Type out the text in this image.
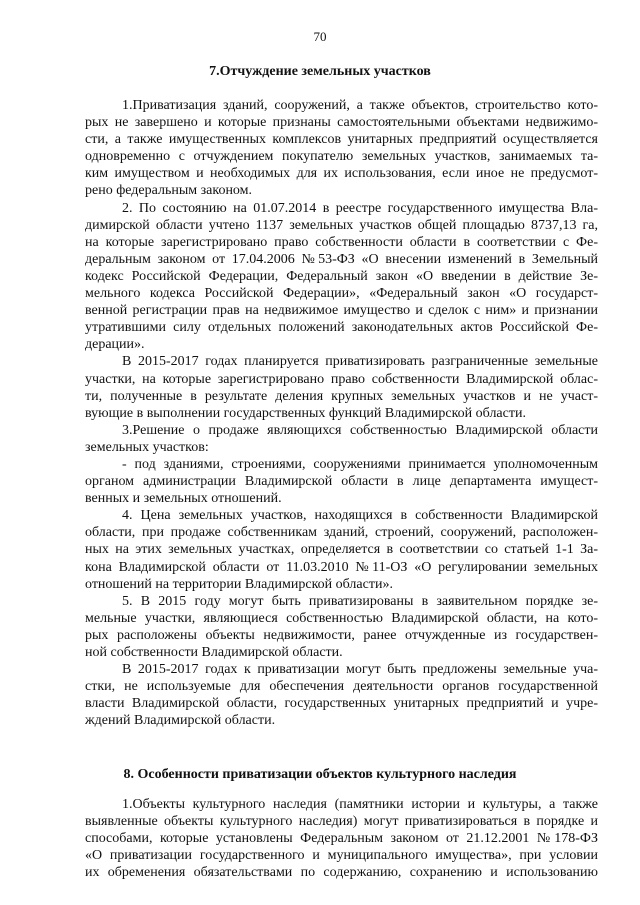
70
7.Отчуждение земельных участков
1.Приватизация зданий, сооружений, а также объектов, строительство кото-
рых не завершено и которые признаны самостоятельными объектами недвижимо-
сти, а также имущественных комплексов унитарных предприятий осуществляется
одновременно с отчуждением покупателю земельных участков, занимаемых та-
ким имуществом и необходимых для их использования, если иное не предусмот-
рено федеральным законом.
2. По состоянию на 01.07.2014 в реестре государственного имущества Вла-
димирской области учтено 1137 земельных участков общей площадью 8737,13 га,
на которые зарегистрировано право собственности области в соответствии с Фе-
деральным законом от 17.04.2006 №53-ФЗ «О внесении изменений в Земельный
кодекс Российской Федерации, Федеральный закон «О введении в действие Зе-
мельного кодекса Российской Федерации», «Федеральный закон «О государст-
венной регистрации прав на недвижимое имущество и сделок с ним» и признании
утратившими силу отдельных положений законодательных актов Российской Фе-
дерации».
В 2015-2017 годах планируется приватизировать разграниченные земельные
участки, на которые зарегистрировано право собственности Владимирской облас-
ти, полученные в результате деления крупных земельных участков и не участ-
вующие в выполнении государственных функций Владимирской области.
3.Решение о продаже являющихся собственностью Владимирской области
земельных участков:
- под зданиями, строениями, сооружениями принимается уполномоченным
органом администрации Владимирской области в лице департамента имущест-
венных и земельных отношений.
4. Цена земельных участков, находящихся в собственности Владимирской
области, при продаже собственникам зданий, строений, сооружений, расположен-
ных на этих земельных участках, определяется в соответствии со статьей 1-1 За-
кона Владимирской области от 11.03.2010 №11-ОЗ «О регулировании земельных
отношений на территории Владимирской области».
5. В 2015 году могут быть приватизированы в заявительном порядке зе-
мельные участки, являющиеся собственностью Владимирской области, на кото-
рых расположены объекты недвижимости, ранее отчужденные из государствен-
ной собственности Владимирской области.
В 2015-2017 годах к приватизации могут быть предложены земельные уча-
стки, не используемые для обеспечения деятельности органов государственной
власти Владимирской области, государственных унитарных предприятий и учре-
ждений Владимирской области.
8. Особенности приватизации объектов культурного наследия
1.Объекты культурного наследия (памятники истории и культуры, а также
выявленные объекты культурного наследия) могут приватизироваться в порядке и
способами, которые установлены Федеральным законом от 21.12.2001 №178-ФЗ
«О приватизации государственного и муниципального имущества», при условии
их обременения обязательствами по содержанию, сохранению и использованию
